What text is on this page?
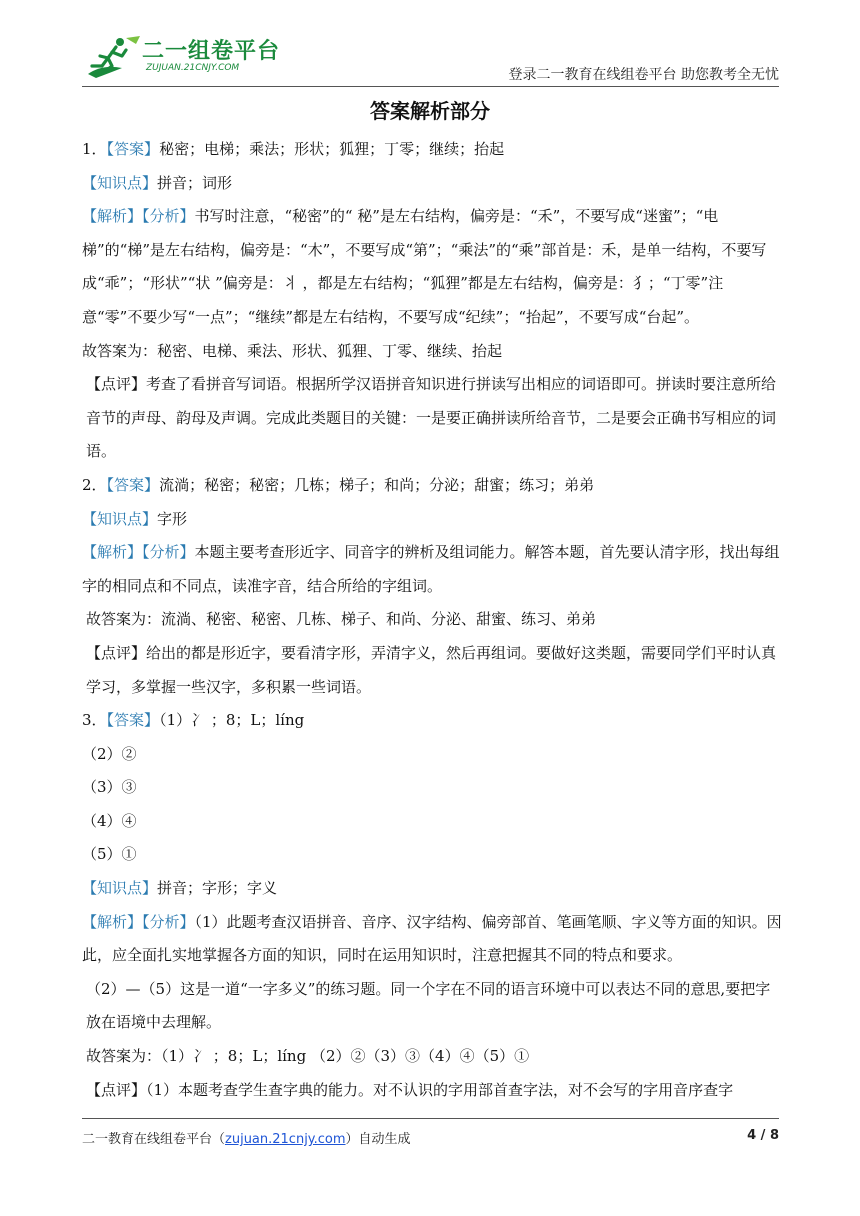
二一组卷平台
ZUJUAN.21CNJY.COM	登录二一教育在线组卷平台 助您教考全无忧
答案解析部分

1．【答案】秘密；电梯；乘法；形状；狐狸；丁零；继续；抬起

【知识点】拼音；词形

【解析】【分析】书写时注意，“秘密”的“ 秘”是左右结构，偏旁是：“禾”，不要写成“迷蜜”；“电梯”的“梯”是左右结构，偏旁是：“木”，不要写成“第”；“乘法”的“乘”部首是：禾，是单一结构，不要写成“乖”；“形状”“状 ”偏旁是：丬 ，都是左右结构；“狐狸”都是左右结构，偏旁是：犭；“丁零”注意“零”不要少写“一点”；“继续”都是左右结构，不要写成“纪续”；“抬起”，不要写成“台起”。

故答案为：秘密、电梯、乘法、形状、狐狸、丁零、继续、抬起

【点评】考查了看拼音写词语。根据所学汉语拼音知识进行拼读写出相应的词语即可。拼读时要注意所给音节的声母、韵母及声调。完成此类题目的关键：一是要正确拼读所给音节，二是要会正确书写相应的词语。

2．【答案】流淌；秘密；秘密；几栋；梯子；和尚；分泌；甜蜜；练习；弟弟

【知识点】字形

【解析】【分析】本题主要考查形近字、同音字的辨析及组词能力。解答本题，首先要认清字形，找出每组字的相同点和不同点，读准字音，结合所给的字组词。

故答案为：流淌、秘密、秘密、几栋、梯子、和尚、分泌、甜蜜、练习、弟弟

【点评】给出的都是形近字，要看清字形，弄清字义，然后再组词。要做好这类题，需要同学们平时认真学习，多掌握一些汉字，多积累一些词语。

3．【答案】（1）冫 ；8；L；líng

（2）②

（3）③

（4）④

（5）①

【知识点】拼音；字形；字义

【解析】【分析】（1）此题考查汉语拼音、音序、汉字结构、偏旁部首、笔画笔顺、字义等方面的知识。因此，应全面扎实地掌握各方面的知识，同时在运用知识时，注意把握其不同的特点和要求。

（2）—（5）这是一道“一字多义”的练习题。同一个字在不同的语言环境中可以表达不同的意思,要把字放在语境中去理解。

故答案为：（1）冫 ；8；L；líng （2）②（3）③（4）④（5）①

【点评】（1）本题考查学生查字典的能力。对不认识的字用部首查字法，对不会写的字用音序查字

二一教育在线组卷平台（zujuan.21cnjy.com）自动生成	4 / 8
